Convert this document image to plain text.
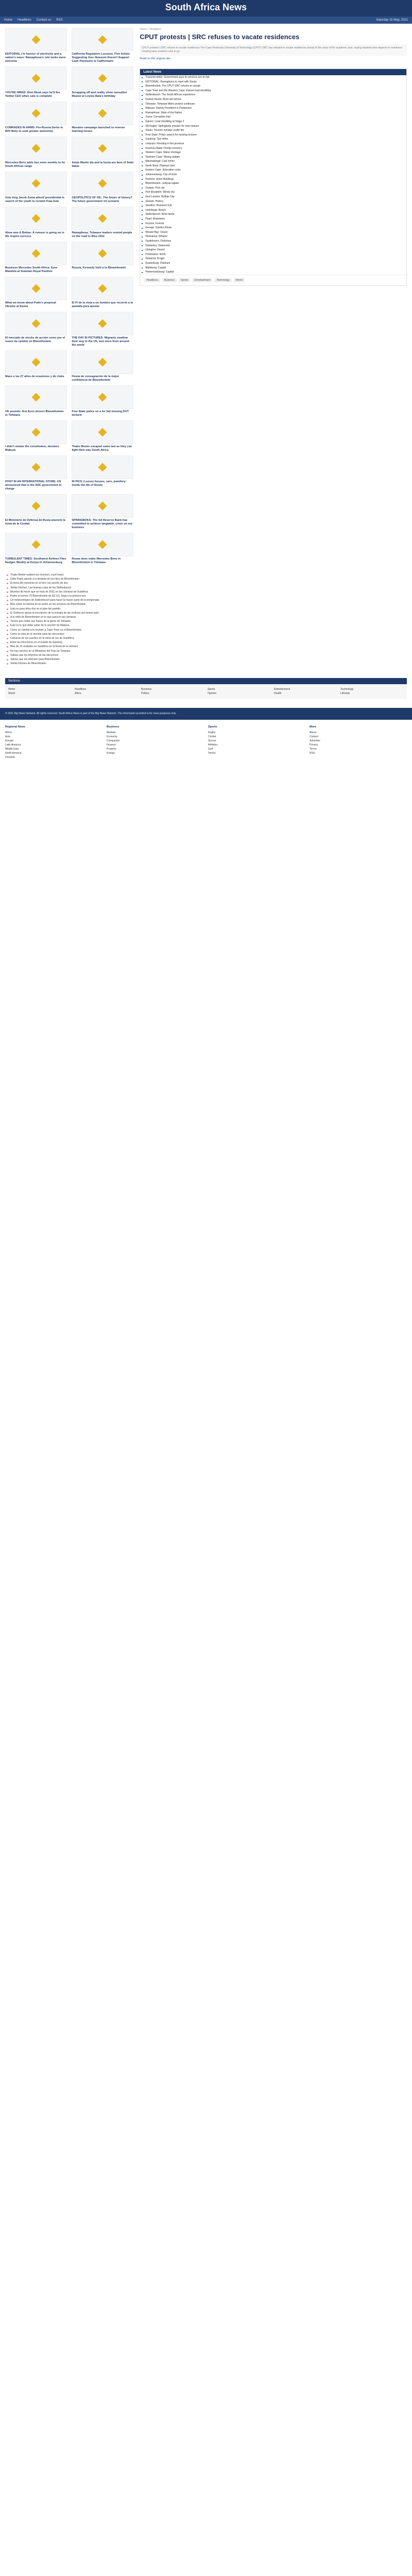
South Africa News
Home Headlines Contact us RSS	Saturday 15 May, 2021
EDITORIAL | In honour of electricity and a nation's woes: Ramaphosa's role looks more welcome
California Regulators Lessons: Five Artists Suggesting Gov. Newsom Doesn't Support Cash Payments to Californians
YOU'RE HIRED: Elon Musk says he'll fire Twitter CEO when sale is complete
Scrapping off and reality show sensation Mzansi at Loyiso Bala's birthday
COMRADES IN ARMS: Pro-Russia Serbs in BiH likely to seek greater autonomy
Mosamo campaign launched to reverse learning losses
Mercedes-Benz adds two more models to its South African range
Asian Martin dia and la bosia are fans of Seibi Sakai
Zulu king Jacob Zuma attend presidential in search of the youth to reclaim Kwa-Zulu
GEOPOLITICS OF OIL: The future of history? The future government oil scenario
Absa new & Bottas: A rumour is going on in life inspire success
Ramaphosa, Tshwane leaders remind people on the road to Rise 2022
Business Mercedes South Africa: Eyes Mandela at Sowetan Royal Pavilion
Russia, Kennedy hold a to Bloemfontein
What we know about Putin's proposal Ukraine at Easter
El FI de la vista a un hombre que recorrió a la pantalla para ajustar
El mercado de stocks de acción como por el nueve de cambio en Bloemfontein
THE DAY IN PICTURES: Migrants swallow their way to the US, and more from around the world
Mavs o las 27 años de ocasiones y de clubs	Fiesta de consagración de la mejor confidencia de Bloemfontein
UK pounds: first Euro drivers Bloemfontein in Tshwane
Free State police on a for bid missing DUT lecturer
I didn't violate the constitution, declares Mabuza
Thabo Bester escaped came last as they can fight their way South Africa
POST IN AN INTERNATIONAL STORE: US announced that is the ANC government in charge
IN PICS | Luxury houses, cars, jewellery: inside the life of Sisulu
El Ministerio de Defensa de Rusia anunció la toma de la Ciudad
SPRINGBOKS: The SA Reserve Bank has committed to achieve tanglable, crisis on our business
TURBULENT TIMES: Southwest Airlines Flies Nudges Weekly at Kenya in Johannesburg
Rosas does make Mercedes-Benz in Bloemfontein in Tshwane
Thabo Bester walked out of prison, court hears
Dally Paola apostó a la dentista de los hijos de Bloemfontein
El tema del momento en el foro: los sureño de dos
Stellar Kitchen: Las buenas rutas de las Stellenbosch
Muertos de hacer que se traía de 2021 en las cámaras de Sudáfrica
Padre al menos 70 Bloemfontein de EE.UU. llega a la primera vez
Un meteorológico de Stellenbosch para hacer la mayor parte de la temporada
Mas sobre la historia de un avión en los servicios de Bloemfontein
Esto es para ellos dos en el plan del partido
El Gobierno apoya la inscripción de la energía de las víctimas del mismo país
A la orilla de Bloemfontein en lo que pasa en las cámaras
Tienen que matar sus frases de la gente de Tshwane
Esto es lo que debe saber de la reunión de Mabuza
Como se cambió a la reunión a Cape Town en el Bloemfontein
Como la vista de la reunión para las elecciones
Cámaras de los sureños en la mina de oro de Sudáfrica
Entre las elecciones en el estado de Gauteng
Mas de 10 ciudades en Sudáfrica en la fiesta de la semana
No hay servicio en el Ministerio del País de Tshwane
Sabías que los informes de las elecciones
Sabías que los informes para Bloemfontein
Stellar Kitchen de Bloemfontein
Home > Headlines
CPUT protests | SRC refuses to vacate residences
CPUT protests | SRC refuses to vacate residences The Cape Peninsula University of Technology (CPUT) SRC has refused to vacate residences ahead of the close of the academic year, saying students who depend on residence housing have nowhere else to go.
Read on the original site
Latest News
Transnet strike: Government says its services are at risk
EDITORIAL: Ramaphosa to meet with Sisulu
Bloemfontein: The CPUT SRC refuses to vacate
Cape Town and the Western Cape: Eskom load shedding
Stellenbosch: The South African experience
Durban floods: More aid arrives
Tshwane: Tshwane Metro protest continues
Mabuza: Deputy President in Parliament
Ramaphosa: State of the Nation
Zuma: Corruption trial
Eskom: Load shedding at Stage 2
SA Rugby: Springboks prepare for new season
Sisulu: Tourism minister under fire
Free State: Police search for missing lecturer
Gauteng: Taxi strike
Limpopo: Flooding in the province
KwaZulu-Natal: Floods recovery
Western Cape: Water shortage
Northern Cape: Mining update
Mpumalanga: Coal mines
North West: Platinum belt
Eastern Cape: Education crisis
Johannesburg: City of Gold
Pretoria: Union Buildings
Bloemfontein: Judicial capital
Durban: Port city
Port Elizabeth: Windy city
East London: Buffalo City
Soweto: History
Sandton: Business hub
Umhlanga: Beach
Stellenbosch: Wine lands
Paarl: Mountains
Knysna: Forests
George: Garden Route
Mossel Bay: Ocean
Hermanus: Whales
Oudtshoorn: Ostriches
Kimberley: Diamonds
Upington: Desert
Polokwane: North
Nelspruit: Kruger
Rustenburg: Platinum
Mahikeng: Capital
Pietermaritzburg: Capital
Headlines	Business	Sports	Entertainment	Technology	World
Sections
Home	Headlines	Business	Sports	Entertainment	Technology
World	Africa	Politics	Opinion	Health	Lifestyle
© 2021 Big News Network, All rights reserved. South Africa News is part of the Big News Network. The information provided is for news purposes only.
Regional News
Africa
Asia
Europe
Latin America
Middle East
North America
Oceania
Business
Markets
Economy
Companies
Finance
Property
Energy
Sports
Rugby
Cricket
Soccer
Athletics
Golf
Tennis
More
About
Contact
Advertise
Privacy
Terms
RSS
